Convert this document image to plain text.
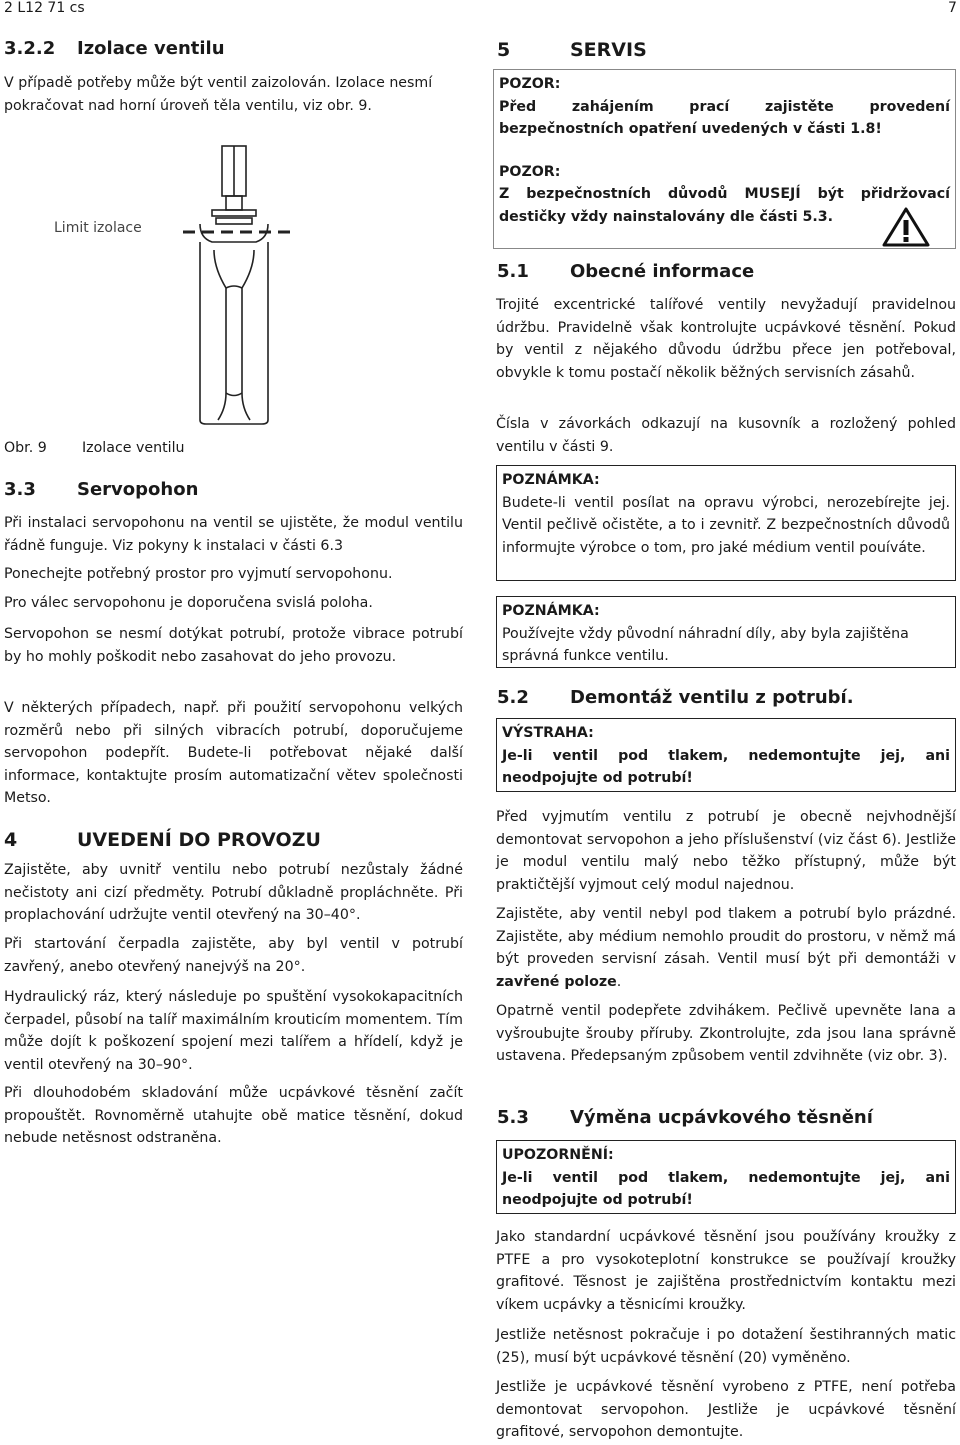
2 L12 71 cs	7
3.2.2 Izolace ventilu

V případě potřeby může být ventil zaizolován. Izolace nesmí pokračovat nad horní úroveň těla ventilu, viz obr. 9.

Limit izolace
Obr. 9 Izolace ventilu
3.3 Servopohon

Při instalaci servopohonu na ventil se ujistěte, že modul ventilu řádně funguje. Viz pokyny k instalaci v části 6.3

Ponechejte potřebný prostor pro vyjmutí servopohonu.

Pro válec servopohonu je doporučena svislá poloha.

Servopohon se nesmí dotýkat potrubí, protože vibrace potrubí by ho mohly poškodit nebo zasahovat do jeho provozu.

V některých případech, např. při použití servopohonu velkých rozměrů nebo při silných vibracích potrubí, doporučujeme servopohon podepřít. Budete-li potřebovat nějaké další informace, kontaktujte prosím automatizační větev společnosti Metso.

4	UVEDENÍ DO PROVOZU

Zajistěte, aby uvnitř ventilu nebo potrubí nezůstaly žádné nečistoty ani cizí předměty. Potrubí důkladně propláchněte. Při proplachování udržujte ventil otevřený na 30–40°.

Při startování čerpadla zajistěte, aby byl ventil v potrubí zavřený, anebo otevřený nanejvýš na 20°.

Hydraulický ráz, který následuje po spuštění vysokokapacitních čerpadel, působí na talíř maximálním krouticím momentem. Tím může dojít k poškození spojení mezi talířem a hřídelí, když je ventil otevřený na 30–90°.

Při dlouhodobém skladování může ucpávkové těsnění začít propouštět. Rovnoměrně utahujte obě matice těsnění, dokud nebude netěsnost odstraněna.

5	SERVIS
POZOR:
Před zahájením prací zajistěte provedení bezpečnostních opatření uvedených v části 1.8!
POZOR:
Z bezpečnostních důvodů MUSEJÍ být přidržovací destičky vždy nainstalovány dle části 5.3.
5.1 Obecné informace

Trojité excentrické talířové ventily nevyžadují pravidelnou údržbu. Pravidelně však kontrolujte ucpávkové těsnění. Pokud by ventil z nějakého důvodu údržbu přece jen potřeboval, obvykle k tomu postačí několik běžných servisních zásahů.

Čísla v závorkách odkazují na kusovník a rozložený pohled ventilu v části 9.

POZNÁMKA:
Budete-li ventil posílat na opravu výrobci, nerozebírejte jej. Ventil pečlivě očistěte, a to i zevnitř. Z bezpečnostních důvodů informujte výrobce o tom, pro jaké médium ventil pouíváte.
POZNÁMKA:
Používejte vždy původní náhradní díly, aby byla zajištěna správná funkce ventilu.
5.2 Demontáž ventilu z potrubí.
VÝSTRAHA:
Je-li ventil pod tlakem, nedemontujte jej, ani neodpojujte od potrubí!

Před vyjmutím ventilu z potrubí je obecně nejvhodnější demontovat servopohon a jeho příslušenství (viz část 6). Jestliže je modul ventilu malý nebo těžko přístupný, může být praktičtější vyjmout celý modul najednou.

Zajistěte, aby ventil nebyl pod tlakem a potrubí bylo prázdné. Zajistěte, aby médium nemohlo proudit do prostoru, v němž má být proveden servisní zásah. Ventil musí být při demontáži v zavřené poloze.

Opatrně ventil podepřete zdvihákem. Pečlivě upevněte lana a vyšroubujte šrouby příruby. Zkontrolujte, zda jsou lana správně ustavena. Předepsaným způsobem ventil zdvihněte (viz obr. 3).

5.3 Výměna ucpávkového těsnění
UPOZORNĚNÍ:
Je-li ventil pod tlakem, nedemontujte jej, ani neodpojujte od potrubí!

Jako standardní ucpávkové těsnění jsou používány kroužky z PTFE a pro vysokoteplotní konstrukce se používají kroužky grafitové. Těsnost je zajištěna prostřednictvím kontaktu mezi víkem ucpávky a těsnicími kroužky.

Jestliže netěsnost pokračuje i po dotažení šestihranných matic (25), musí být ucpávkové těsnění (20) vyměněno.

Jestliže je ucpávkové těsnění vyrobeno z PTFE, není potřeba demontovat servopohon. Jestliže je ucpávkové těsnění grafitové, servopohon demontujte.
